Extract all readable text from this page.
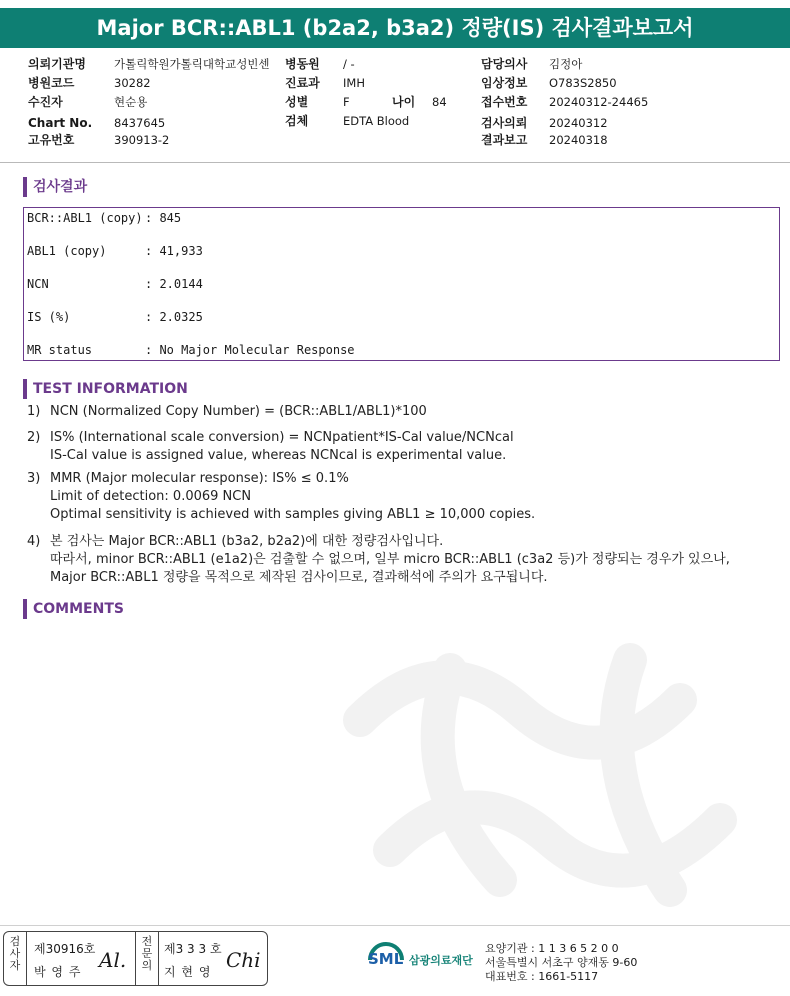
Major BCR::ABL1 (b2a2, b3a2) 정량(IS) 검사결과보고서
의뢰기관명 가톨릭학원가톨릭대학교성빈센
병원코드	30282
수진자	현순용
Chart No. 8437645
고유번호	390913-2
병동원 / -
진료과 IMH
성별	F	나이 84
검체	EDTA Blood
담당의사 김정아
임상정보 O783S2850
접수번호 20240312-24465
검사의뢰 20240312
결과보고 20240318
검사결과
BCR::ABL1 (copy) : 845
ABL1 (copy)	: 41,933
NCN	: 2.0144
IS (%)	: 2.0325
MR status	: No Major Molecular Response
TEST INFORMATION
1) NCN (Normalized Copy Number) = (BCR::ABL1/ABL1)*100
2) IS% (International scale conversion) = NCNpatient*IS-Cal value/NCNcal
IS-Cal value is assigned value, whereas NCNcal is experimental value.
3) MMR (Major molecular response): IS% ≤ 0.1%
Limit of detection: 0.0069 NCN
Optimal sensitivity is achieved with samples giving ABL1 ≥ 10,000 copies.
4) 본 검사는 Major BCR::ABL1 (b3a2, b2a2)에 대한 정량검사입니다.
따라서, minor BCR::ABL1 (e1a2)은 검출할 수 없으며, 일부 micro BCR::ABL1 (c3a2 등)가 정량되는 경우가 있으나,
Major BCR::ABL1 정량을 목적으로 제작된 검사이므로, 결과해석에 주의가 요구됩니다.
COMMENTS
검사자
제30916호
박 영 주 Al.
전문의
제3 3 3 호
지 현 영 Chi	SML 삼광의료재단
요양기관 : 1 1 3 6 5 2 0 0
서울특별시 서초구 양재동 9-60
대표번호 : 1661-5117
